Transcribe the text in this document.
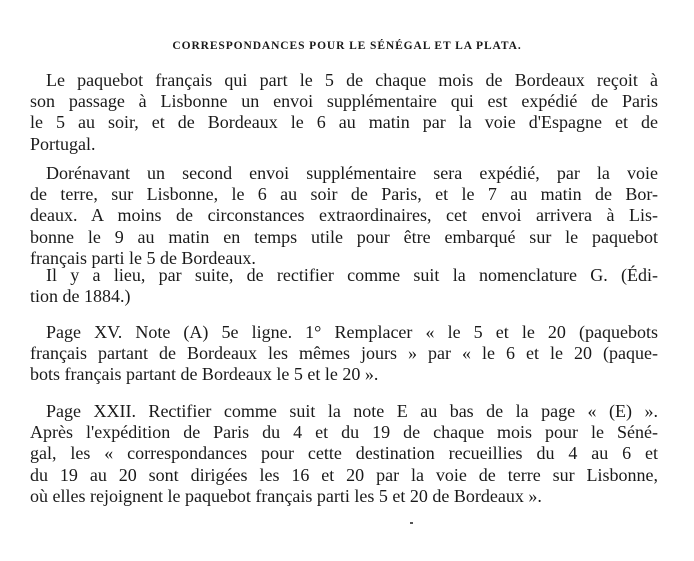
CORRESPONDANCES POUR LE SÉNÉGAL ET LA PLATA.
Le paquebot français qui part le 5 de chaque mois de Bordeaux reçoit à
son passage à Lisbonne un envoi supplémentaire qui est expédié de Paris
le 5 au soir, et de Bordeaux le 6 au matin par la voie d'Espagne et de
Portugal.
Dorénavant un second envoi supplémentaire sera expédié, par la voie
de terre, sur Lisbonne, le 6 au soir de Paris, et le 7 au matin de Bor-
deaux. A moins de circonstances extraordinaires, cet envoi arrivera à Lis-
bonne le 9 au matin en temps utile pour être embarqué sur le paquebot
français parti le 5 de Bordeaux.
Il y a lieu, par suite, de rectifier comme suit la nomenclature G. (Édi-
tion de 1884.)
Page XV. Note (A) 5e ligne. 1° Remplacer « le 5 et le 20 (paquebots
français partant de Bordeaux les mêmes jours » par « le 6 et le 20 (paque-
bots français partant de Bordeaux le 5 et le 20 ».
Page XXII. Rectifier comme suit la note E au bas de la page « (E) ».
Après l'expédition de Paris du 4 et du 19 de chaque mois pour le Séné-
gal, les « correspondances pour cette destination recueillies du 4 au 6 et
du 19 au 20 sont dirigées les 16 et 20 par la voie de terre sur Lisbonne,
où elles rejoignent le paquebot français parti les 5 et 20 de Bordeaux ».
